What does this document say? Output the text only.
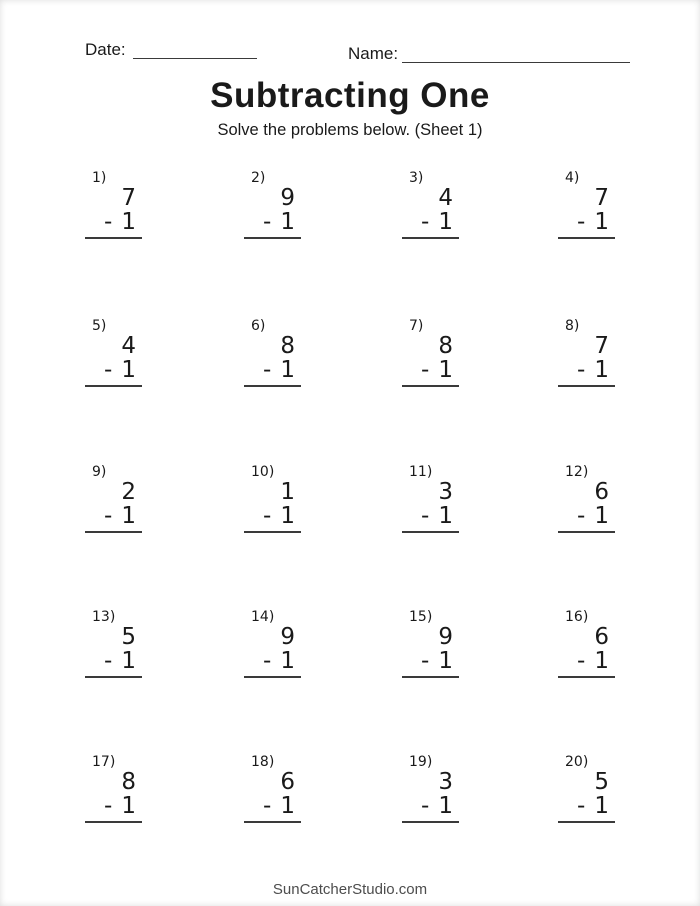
Date:	Name:
Subtracting One
Solve the problems below. (Sheet 1)
1)
7
- 1
2)
9
- 1
3)
4
- 1
4)
7
- 1
5)
4
- 1
6)
8
- 1
7)
8
- 1
8)
7
- 1
9)
2
- 1
10)
1
- 1
11)
3
- 1
12)
6
- 1
13)
5
- 1
14)
9
- 1
15)
9
- 1
16)
6
- 1
17)
8
- 1
18)
6
- 1
19)
3
- 1
20)
5
- 1
SunCatcherStudio.com
